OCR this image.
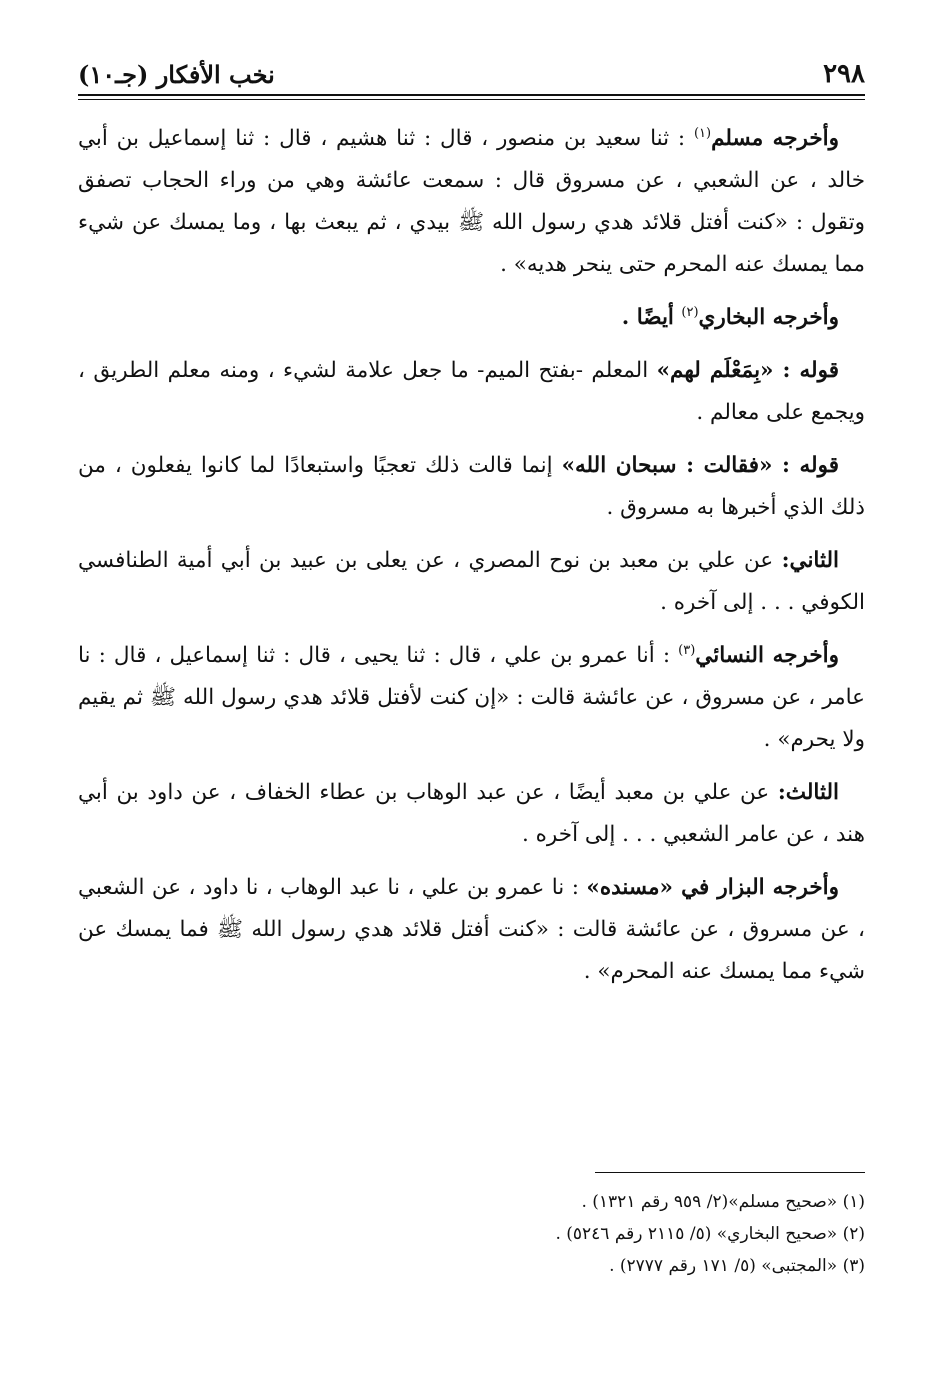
٢٩٨
نخب الأفكار (جـ١٠)

وأخرجه مسلم$^{(١)}$ : ثنا سعيد بن منصور ، قال : ثنا هشيم ، قال : ثنا إسماعيل بن أبي خالد ، عن الشعبي ، عن مسروق قال : سمعت عائشة وهي من وراء الحجاب تصفق وتقول : «كنت أفتل قلائد هدي رسول الله ﷺ بيدي ، ثم يبعث بها ، وما يمسك عن شيء مما يمسك عنه المحرم حتى ينحر هديه» .

وأخرجه البخاري$^{(٢)}$ أيضًا .

قوله : «بِمَعْلَم لهم» المعلم -بفتح الميم- ما جعل علامة لشيء ، ومنه معلم الطريق ، ويجمع على معالم .

قوله : «فقالت : سبحان الله» إنما قالت ذلك تعجبًا واستبعادًا لما كانوا يفعلون ، من ذلك الذي أخبرها به مسروق .

الثاني: عن علي بن معبد بن نوح المصري ، عن يعلى بن عبيد بن أبي أمية الطنافسي الكوفي . . . إلى آخره .

وأخرجه النسائي$^{(٣)}$ : أنا عمرو بن علي ، قال : ثنا يحيى ، قال : ثنا إسماعيل ، قال : نا عامر ، عن مسروق ، عن عائشة قالت : «إن كنت لأفتل قلائد هدي رسول الله ﷺ ثم يقيم ولا يحرم» .

الثالث: عن علي بن معبد أيضًا ، عن عبد الوهاب بن عطاء الخفاف ، عن داود بن أبي هند ، عن عامر الشعبي . . . إلى آخره .

وأخرجه البزار في «مسنده» : نا عمرو بن علي ، نا عبد الوهاب ، نا داود ، عن الشعبي ، عن مسروق ، عن عائشة قالت : «كنت أفتل قلائد هدي رسول الله ﷺ فما يمسك عن شيء مما يمسك عنه المحرم» .

(١) «صحيح مسلم»(٢/ ٩٥٩ رقم ١٣٢١) .

(٢) «صحيح البخاري» (٥/ ٢١١٥ رقم ٥٢٤٦) .

(٣) «المجتبى» (٥/ ١٧١ رقم ٢٧٧٧) .
